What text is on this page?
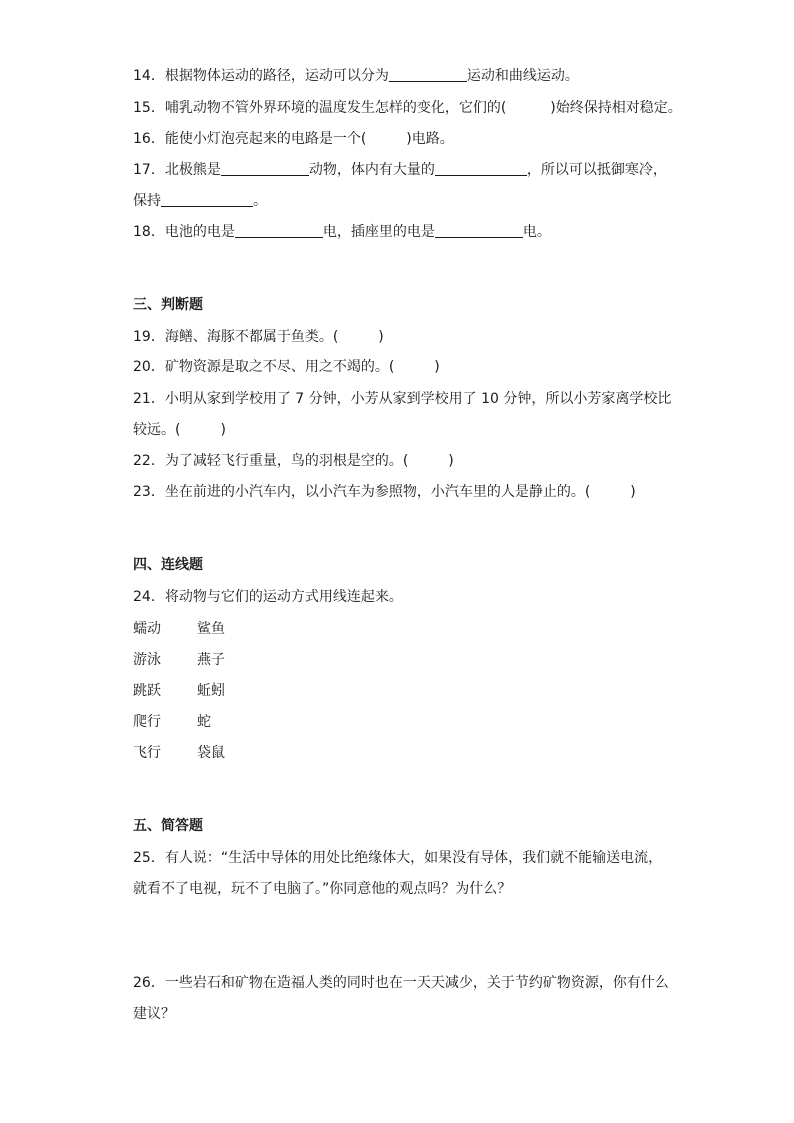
14．根据物体运动的路径，运动可以分为	运动和曲线运动。
15．哺乳动物不管外界环境的温度发生怎样的变化，它们的(	)始终保持相对稳定。
16．能使小灯泡亮起来的电路是一个(	)电路。
17．北极熊是	动物，体内有大量的	，所以可以抵御寒冷，
保持	。
18．电池的电是	电，插座里的电是	电。
三、判断题
19．海鳝、海豚不都属于鱼类。(	)
20．矿物资源是取之不尽、用之不竭的。(	)
21．小明从家到学校用了 7 分钟，小芳从家到学校用了 10 分钟，所以小芳家离学校比
较远。(	)
22．为了减轻飞行重量，鸟的羽根是空的。(	)
23．坐在前进的小汽车内，以小汽车为参照物，小汽车里的人是静止的。(	)
四、连线题
24．将动物与它们的运动方式用线连起来。
蠕动	鲨鱼
游泳	燕子
跳跃	蚯蚓
爬行	蛇
飞行	袋鼠
五、简答题
25．有人说：“生活中导体的用处比绝缘体大，如果没有导体，我们就不能输送电流，
就看不了电视，玩不了电脑了。”你同意他的观点吗？为什么？
26．一些岩石和矿物在造福人类的同时也在一天天减少，关于节约矿物资源，你有什么
建议？
